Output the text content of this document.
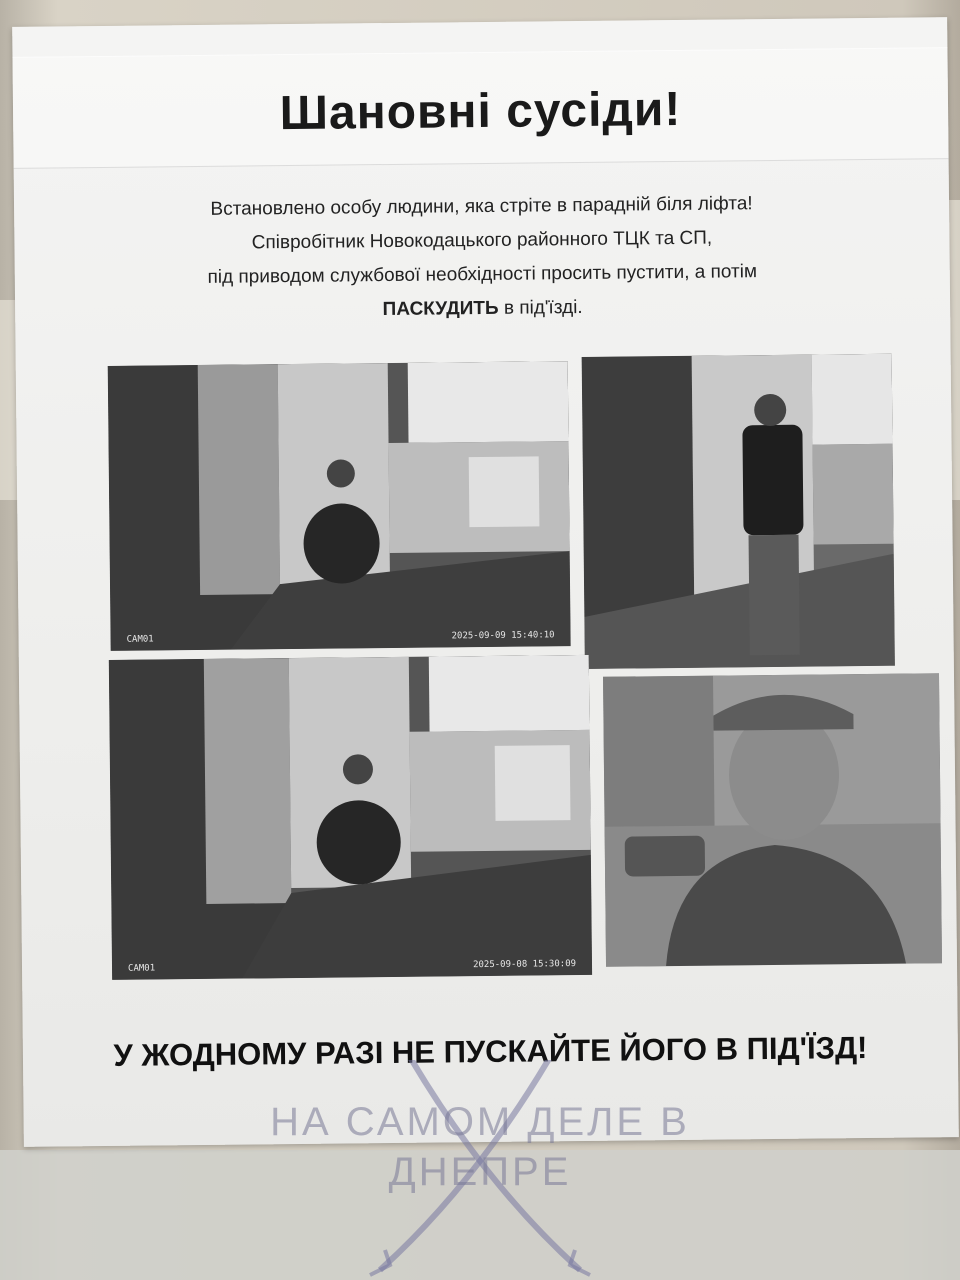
Шановні сусіди!
Встановлено особу людини, яка стріте в парадній біля ліфта!
Співробітник Новокодацького районного ТЦК та СП,
під приводом службової необхідності просить пустити, а потім
ПАСКУДИТЬ в під'їзді.
CAM01	2025-09-09 15:40:10
CAM01	2025-09-08 15:30:09
У ЖОДНОМУ РАЗІ НЕ ПУСКАЙТЕ ЙОГО В ПІД'ЇЗД!
НА САМОМ ДЕЛЕ В
ДНЕПРЕ
